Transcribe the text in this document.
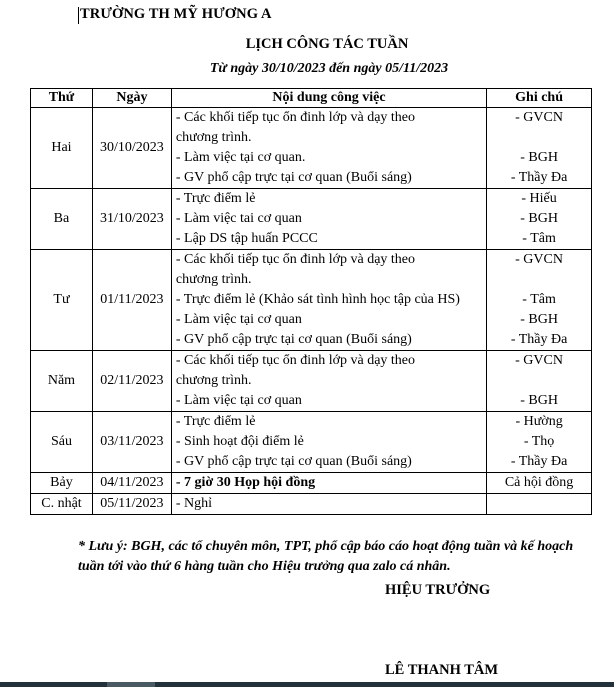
TRƯỜNG TH MỸ HƯƠNG A
LỊCH CÔNG TÁC TUẦN
Từ ngày 30/10/2023 đến ngày 05/11/2023
Thứ	Ngày	Nội dung công việc	Ghi chú
Hai	30/10/2023	- Các khối tiếp tục ổn đinh lớp và dạy theo
chương trình.
- Làm việc tại cơ quan.
- GV phổ cập trực tại cơ quan (Buổi sáng)	- GVCN
- BGH
- Thầy Đa

Ba	31/10/2023	- Trực điểm lẻ
- Làm việc tai cơ quan
- Lập DS tập huấn PCCC	- Hiếu
- BGH
- Tâm

Tư	01/11/2023	- Các khối tiếp tục ổn đinh lớp và dạy theo
chương trình.
- Trực điểm lẻ (Khảo sát tình hình học tập của HS)
- Làm việc tại cơ quan
- GV phổ cập trực tại cơ quan (Buổi sáng)	- GVCN
- Tâm
- BGH
- Thầy Đa

Năm	02/11/2023	- Các khối tiếp tục ổn đinh lớp và dạy theo
chương trình.
- Làm việc tại cơ quan	- GVCN
- BGH

Sáu	03/11/2023	- Trực điểm lẻ
- Sinh hoạt đội điểm lẻ
- GV phổ cập trực tại cơ quan (Buổi sáng)	- Hường
- Thọ
- Thầy Đa

Bảy	04/11/2023	- 7 giờ 30 Họp hội đồng	Cả hội đồng

C. nhật	05/11/2023	- Nghỉ	

* Lưu ý: BGH, các tổ chuyên môn, TPT, phổ cập báo cáo hoạt động tuần và kế hoạch tuần tới vào thứ 6 hàng tuần cho Hiệu trưởng qua zalo cá nhân.
HIỆU TRƯỞNG
LÊ THANH TÂM
